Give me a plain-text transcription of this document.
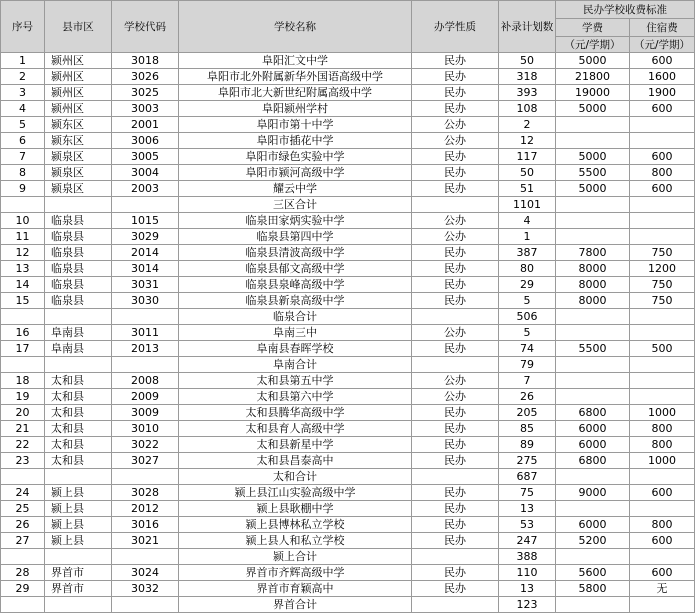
序号	县市区	学校代码	学校名称	办学性质	补录计划数	民办学校收费标准	
						学费	住宿费
						（元/学期）	（元/学期）
1	颍州区	3018	阜阳汇文中学	民办	50	5000	600
2	颍州区	3026	阜阳市北外附属新华外国语高级中学	民办	318	21800	1600
3	颍州区	3025	阜阳市北大新世纪附属高级中学	民办	393	19000	1900
4	颍州区	3003	阜阳颍州学村	民办	108	5000	600
5	颍东区	2001	阜阳市第十中学	公办	2		
6	颍东区	3006	阜阳市插花中学	公办	12		
7	颍泉区	3005	阜阳市绿色实验中学	民办	117	5000	600
8	颍泉区	3004	阜阳市颍河高级中学	民办	50	5500	800
9	颍泉区	2003	耀云中学	民办	51	5000	600
			三区合计		1101		
10	临泉县	1015	临泉田家炳实验中学	公办	4		
11	临泉县	3029	临泉县第四中学	公办	1		
12	临泉县	2014	临泉县清波高级中学	民办	387	7800	750
13	临泉县	3014	临泉县郁文高级中学	民办	80	8000	1200
14	临泉县	3031	临泉县泉峰高级中学	民办	29	8000	750
15	临泉县	3030	临泉县新泉高级中学	民办	5	8000	750
			临泉合计		506		
16	阜南县	3011	阜南三中	公办	5		
17	阜南县	2013	阜南县春晖学校	民办	74	5500	500
			阜南合计		79		
18	太和县	2008	太和县第五中学	公办	7		
19	太和县	2009	太和县第六中学	公办	26		
20	太和县	3009	太和县腾华高级中学	民办	205	6800	1000
21	太和县	3010	太和县育人高级中学	民办	85	6000	800
22	太和县	3022	太和县新星中学	民办	89	6000	800
23	太和县	3027	太和县昌泰高中	民办	275	6800	1000
			太和合计		687		
24	颍上县	3028	颍上县江山实验高级中学	民办	75	9000	600
25	颍上县	2012	颍上县耿棚中学	民办	13		
26	颍上县	3016	颍上县博林私立学校	民办	53	6000	800
27	颍上县	3021	颍上县人和私立学校	民办	247	5200	600
			颍上合计		388		
28	界首市	3024	界首市齐辉高级中学	民办	110	5600	600
29	界首市	3032	界首市育颖高中	民办	13	5800	无
			界首合计		123		
